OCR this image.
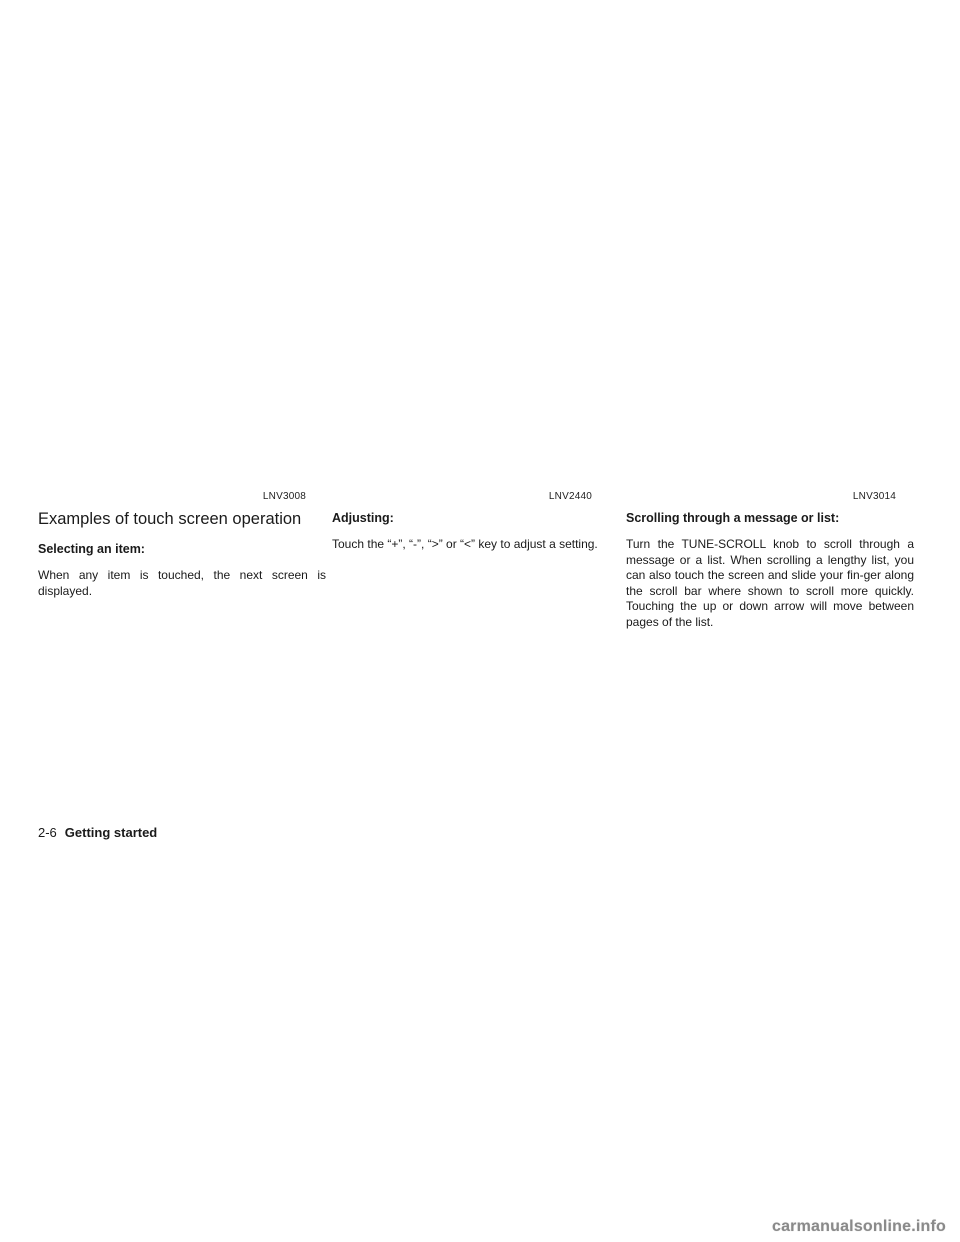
LNV3008	LNV2440	LNV3014
Examples of touch screen operation
Selecting an item:

When any item is touched, the next screen is displayed.

Adjusting:

Touch the “+”, “-”, “>” or “<” key to adjust a setting.

Scrolling through a message or list:

Turn the TUNE-SCROLL knob to scroll through a message or a list. When scrolling a lengthy list, you can also touch the screen and slide your fin-ger along the scroll bar where shown to scroll more quickly. Touching the up or down arrow will move between pages of the list.

2-6 Getting started
carmanualsonline.info
